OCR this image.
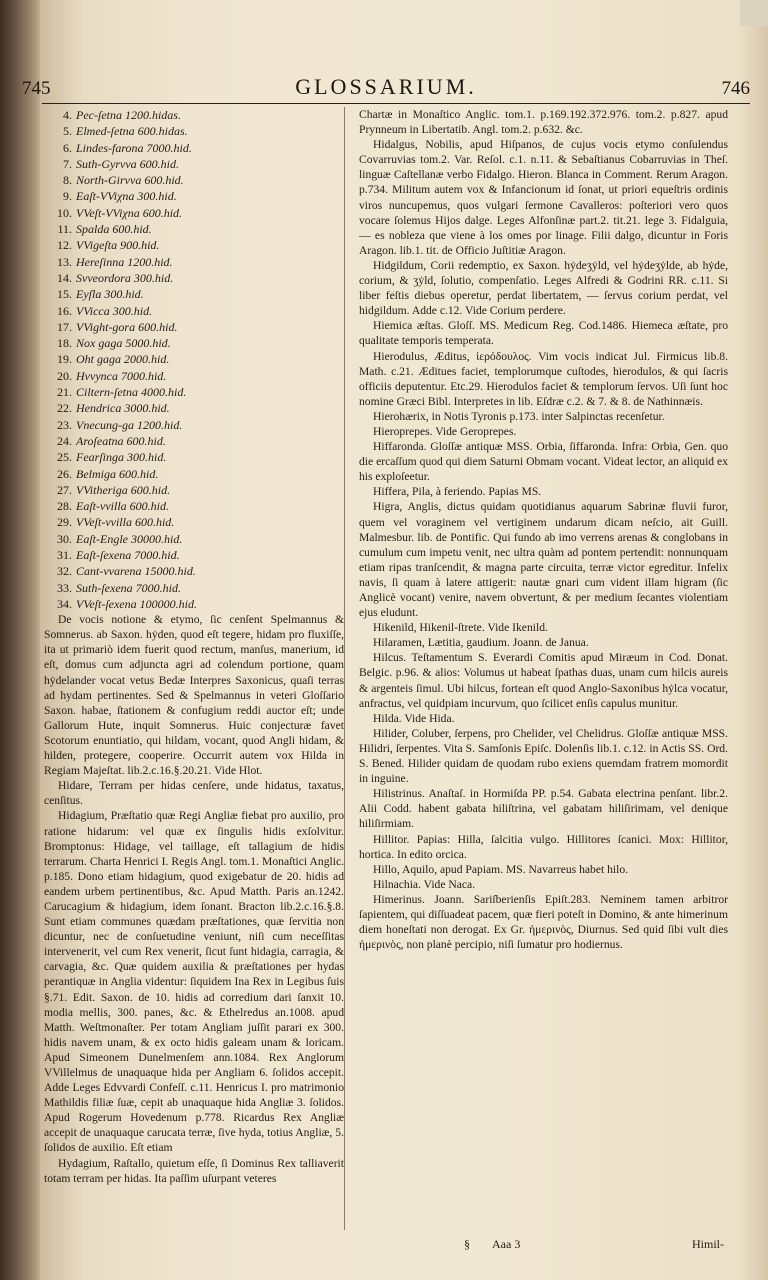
745	GLOSSARIUM.	746
4. Pec-ſetna 1200.hidas.
5. Elmed-ſetna 600.hidas.
6. Lindes-farona 7000.hid.
7. Suth-Gyrvva 600.hid.
8. North-Girvva 600.hid.
9. Eaſt-VViχna 300.hid.
10. VVeſt-VViχna 600.hid.
11. Spalda 600.hid.
12. VVigeſta 900.hid.
13. Hereſinna 1200.hid.
14. Svveordora 300.hid.
15. Eyſla 300.hid.
16. VVicca 300.hid.
17. VVight-gora 600.hid.
18. Nox gaga 5000.hid.
19. Oht gaga 2000.hid.
20. Hvvynca 7000.hid.
21. Ciltern-ſetna 4000.hid.
22. Hendrica 3000.hid.
23. Vnecung-ga 1200.hid.
24. Aroſeatna 600.hid.
25. Fearſinga 300.hid.
26. Belmiga 600.hid.
27. VVitheriga 600.hid.
28. Eaſt-vvilla 600.hid.
29. VVeſt-vvilla 600.hid.
30. Eaſt-Engle 30000.hid.
31. Eaſt-ſexena 7000.hid.
32. Cant-vvarena 15000.hid.
33. Suth-ſexena 7000.hid.
34. VVeſt-ſexena 100000.hid.

De vocis notione & etymo, ſic cenſent Spelmannus & Somnerus. ab Saxon. hẏden, quod eſt tegere, hidam pro fluxiſſe, ita ut primariò idem fuerit quod rectum, manſus, manerium, id eſt, domus cum adjuncta agri ad colendum portione, quam hẏdelander vocat vetus Bedæ Interpres Saxonicus, quaſi terras ad hydam pertinentes. Sed & Spelmannus in veteri Gloſſario Saxon. habae, ſtationem & confugium reddi auctor eſt; unde Gallorum Hute, inquit Somnerus. Huic conjecturæ favet Scotorum enuntiatio, qui hildam, vocant, quod Angli hidam, & hilden, protegere, cooperire. Occurrit autem vox Hilda in Regiam Majeſtat. lib.2.c.16.§.20.21. Vide Hlot.

Hidare, Terram per hidas cenſere, unde hidatus, taxatus, cenſitus.

Hidagium, Præſtatio quæ Regi Angliæ fiebat pro auxilio, pro ratione hidarum: vel quæ ex ſingulis hidis exſolvitur. Bromptonus: Hidage, vel taillage, eſt tallagium de hidis terrarum. Charta Henrici I. Regis Angl. tom.1. Monaſtici Anglic. p.185. Dono etiam hidagium, quod exigebatur de 20. hidis ad eandem urbem pertinentibus, &c. Apud Matth. Paris an.1242. Carucagium & hidagium, idem ſonant. Bracton lib.2.c.16.§.8. Sunt etiam communes quædam præſtationes, quæ ſervitia non dicuntur, nec de conſuetudine veniunt, niſi cum neceſſitas intervenerit, vel cum Rex venerit, ſicut ſunt hidagia, carragia, & carvagia, &c. Quæ quidem auxilia & præſtationes per hydas perantiquæ in Anglia videntur: ſiquidem Ina Rex in Legibus ſuis §.71. Edit. Saxon. de 10. hidis ad corredium dari ſanxit 10. modia mellis, 300. panes, &c. & Ethelredus an.1008. apud Matth. Weſtmonaſter. Per totam Angliam juſſit parari ex 300. hidis navem unam, & ex octo hidis galeam unam & loricam. Apud Simeonem Dunelmenſem ann.1084. Rex Anglorum VVillelmus de unaquaque hida per Angliam 6. ſolidos accepit. Adde Leges Edvvardi Confeſſ. c.11. Henricus I. pro matrimonio Mathildis filiæ ſuæ, cepit ab unaquaque hida Angliæ 3. ſolidos. Apud Rogerum Hovedenum p.778. Ricardus Rex Angliæ accepit de unaquaque carucata terræ, ſive hyda, totius Angliæ, 5. ſolidos de auxilio. Eſt etiam

Hydagium, Raſtallo, quietum eſſe, ſi Dominus Rex talliaverit totam terram per hidas. Ita paſſim uſurpant veteres

Chartæ in Monaſtico Anglic. tom.1. p.169.192.372.976. tom.2. p.827. apud Prynneum in Libertatib. Angl. tom.2. p.632. &c.

Hidalgus, Nobilis, apud Hiſpanos, de cujus vocis etymo conſulendus Covarruvias tom.2. Var. Reſol. c.1. n.11. & Sebaſtianus Cobarruvias in Theſ. linguæ Caſtellanæ verbo Fidalgo. Hieron. Blanca in Comment. Rerum Aragon. p.734. Militum autem vox & Infancionum id ſonat, ut priori equeſtris ordinis viros nuncupemus, quos vulgari ſermone Cavalleros: poſteriori vero quos vocare ſolemus Hijos dalge. Leges Alfonſinæ part.2. tit.21. lege 3. Fidalguia, — es nobleza que viene à los omes por linage. Filii dalgo, dicuntur in Foris Aragon. lib.1. tit. de Officio Juſtitiæ Aragon.

Hidgildum, Corii redemptio, ex Saxon. hẏdeʒẏld, vel hẏdeʒẏlde, ab hẏde, corium, & ʒẏld, ſolutio, compenſatio. Leges Alfredi & Godrini RR. c.11. Si liber feſtis diebus operetur, perdat libertatem, — ſervus corium perdat, vel hidgildum. Adde c.12. Vide Corium perdere.

Hiemica æſtas. Gloſſ. MS. Medicum Reg. Cod.1486. Hiemeca æſtate, pro qualitate temporis temperata.

Hierodulus, Æditus, ἱερόδουλος. Vim vocis indicat Jul. Firmicus lib.8. Math. c.21. Æditues faciet, templorumque cuſtodes, hierodulos, & qui ſacris officiis deputentur. Etc.29. Hierodulos faciet & templorum ſervos. Uſi ſunt hoc nomine Græci Bibl. Interpretes in lib. Eſdræ c.2. & 7. & 8. de Nathinnæis.

Hierohærix, in Notis Tyronis p.173. inter Salpinctas recenſetur.

Hieroprepes. Vide Geroprepes.

Hiffaronda. Gloſſæ antiquæ MSS. Orbia, ſiffaronda. Infra: Orbia, Gen. quo die ercaſſum quod qui diem Saturni Obmam vocant. Videat lector, an aliquid ex his exploſeetur.

Hiffera, Pila, à feriendo. Papias MS.

Higra, Anglis, dictus quidam quotidianus aquarum Sabrinæ fluvii furor, quem vel voraginem vel vertiginem undarum dicam neſcio, ait Guill. Malmesbur. lib. de Pontific. Qui fundo ab imo verrens arenas & conglobans in cumulum cum impetu venit, nec ultra quàm ad pontem pertendit: nonnunquam etiam ripas tranſcendit, & magna parte circuita, terræ victor egreditur. Infelix navis, ſi quam à latere attigerit: nautæ gnari cum vident illam higram (ſic Anglicè vocant) venire, navem obvertunt, & per medium ſecantes violentiam ejus eludunt.

Hikenild, Hikenil-ſtrete. Vide Ikenild.

Hilaramen, Lætitia, gaudium. Joann. de Janua.

Hilcus. Teſtamentum S. Everardi Comitis apud Miræum in Cod. Donat. Belgic. p.96. & alios: Volumus ut habeat ſpathas duas, unam cum hilcis aureis & argenteis ſimul. Ubi hilcus, fortean eſt quod Anglo-Saxonibus hẏlca vocatur, anfractus, vel quidpiam incurvum, quo ſcilicet enſis capulus munitur.

Hilda. Vide Hida.

Hilider, Coluber, ſerpens, pro Chelider, vel Chelidrus. Gloſſæ antiquæ MSS. Hilidri, ſerpentes. Vita S. Samſonis Epiſc. Dolenſis lib.1. c.12. in Actis SS. Ord. S. Bened. Hilider quidam de quodam rubo exiens quemdam fratrem momordit in inguine.

Hilistrinus. Anaſtaſ. in Hormiſda PP. p.54. Gabata electrina penſant. libr.2. Alii Codd. habent gabata hiliſtrina, vel gabatam hiliſirimam, vel denique hiliſirmiam.

Hillitor. Papias: Hilla, ſalcitia vulgo. Hillitores ſcanici. Mox: Hillitor, hortica. In edito orcica.

Hillo, Aquilo, apud Papiam. MS. Navarreus habet hilo.

Hilnachia. Vide Naca.

Himerinus. Joann. Sariſberienſis Epiſt.283. Neminem tamen arbitror ſapientem, qui diſſuadeat pacem, quæ fieri poteſt in Domino, & ante himerinum diem honeſtati non derogat. Ex Gr. ἡμερινὸς, Diurnus. Sed quid ſibi vult dies ἡμερινὸς, non planè percipio, niſi ſumatur pro hodiernus.

§ Aaa 3	Himil-
